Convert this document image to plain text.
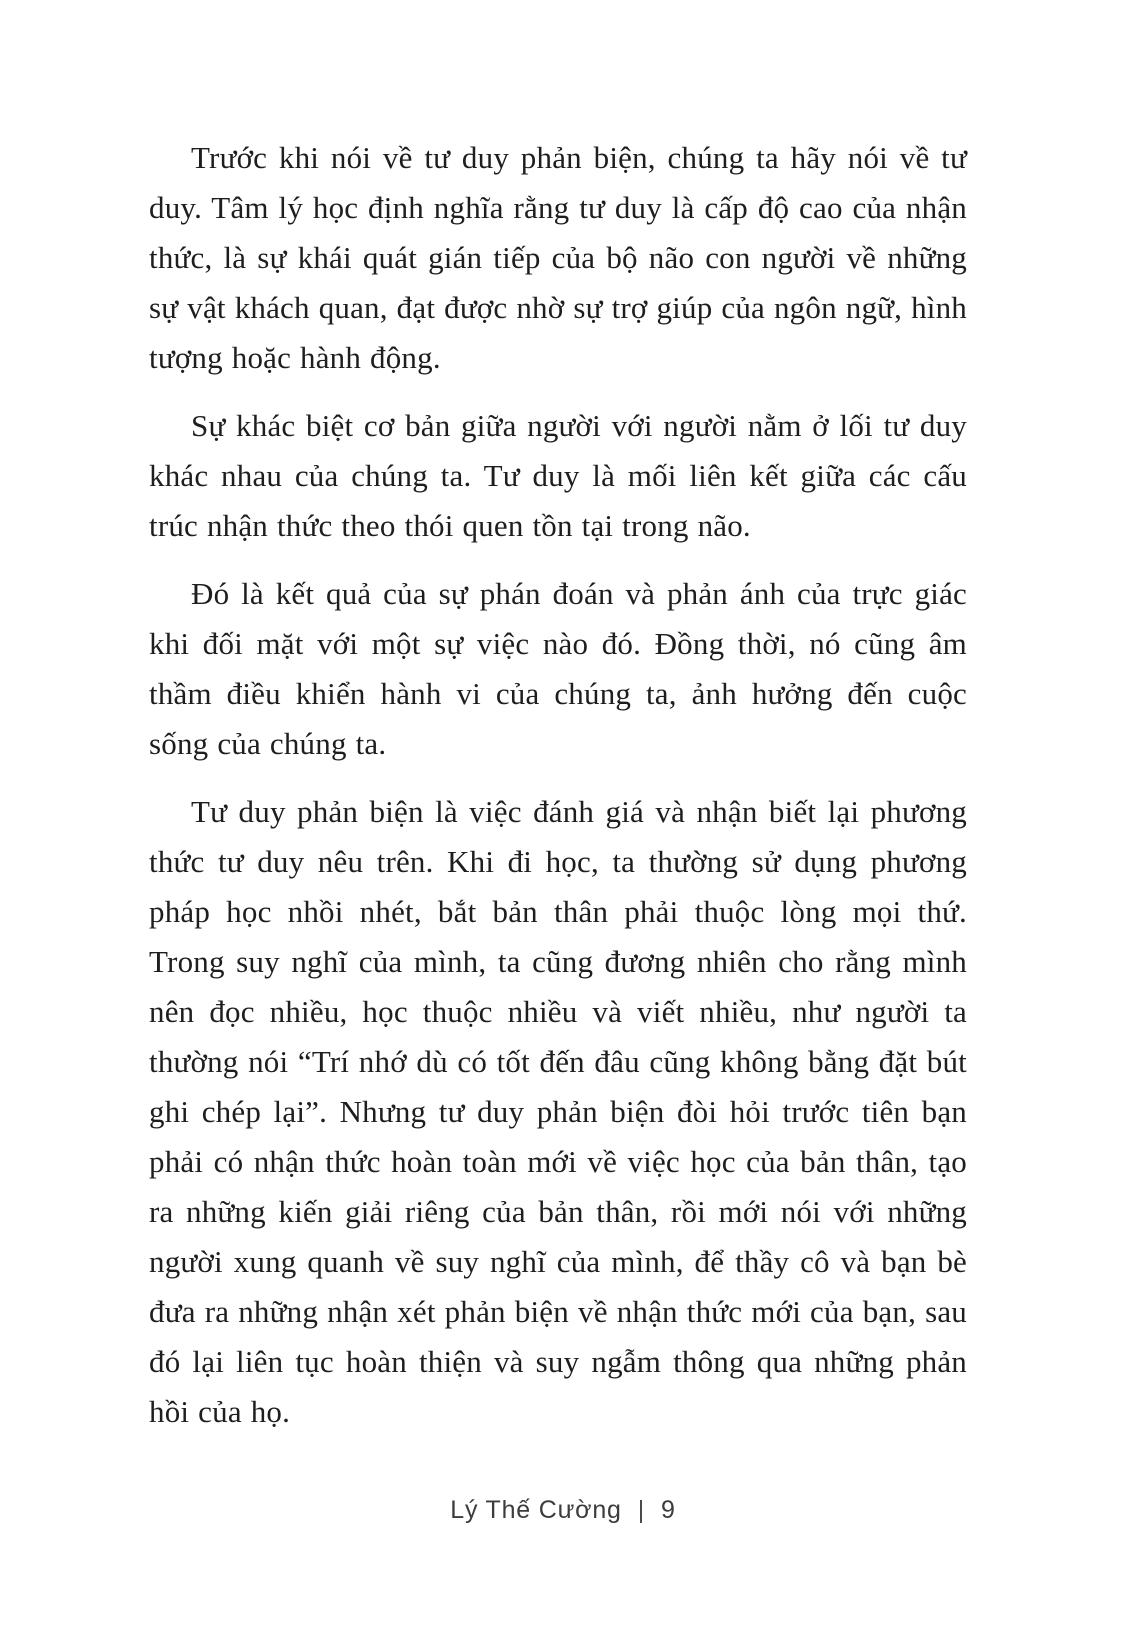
Trước khi nói về tư duy phản biện, chúng ta hãy nói về tư duy. Tâm lý học định nghĩa rằng tư duy là cấp độ cao của nhận thức, là sự khái quát gián tiếp của bộ não con người về những sự vật khách quan, đạt được nhờ sự trợ giúp của ngôn ngữ, hình tượng hoặc hành động.

Sự khác biệt cơ bản giữa người với người nằm ở lối tư duy khác nhau của chúng ta. Tư duy là mối liên kết giữa các cấu trúc nhận thức theo thói quen tồn tại trong não.

Đó là kết quả của sự phán đoán và phản ánh của trực giác khi đối mặt với một sự việc nào đó. Đồng thời, nó cũng âm thầm điều khiển hành vi của chúng ta, ảnh hưởng đến cuộc sống của chúng ta.

Tư duy phản biện là việc đánh giá và nhận biết lại phương thức tư duy nêu trên. Khi đi học, ta thường sử dụng phương pháp học nhồi nhét, bắt bản thân phải thuộc lòng mọi thứ. Trong suy nghĩ của mình, ta cũng đương nhiên cho rằng mình nên đọc nhiều, học thuộc nhiều và viết nhiều, như người ta thường nói “Trí nhớ dù có tốt đến đâu cũng không bằng đặt bút ghi chép lại”. Nhưng tư duy phản biện đòi hỏi trước tiên bạn phải có nhận thức hoàn toàn mới về việc học của bản thân, tạo ra những kiến giải riêng của bản thân, rồi mới nói với những người xung quanh về suy nghĩ của mình, để thầy cô và bạn bè đưa ra những nhận xét phản biện về nhận thức mới của bạn, sau đó lại liên tục hoàn thiện và suy ngẫm thông qua những phản hồi của họ.

Lý Thế Cường | 9
